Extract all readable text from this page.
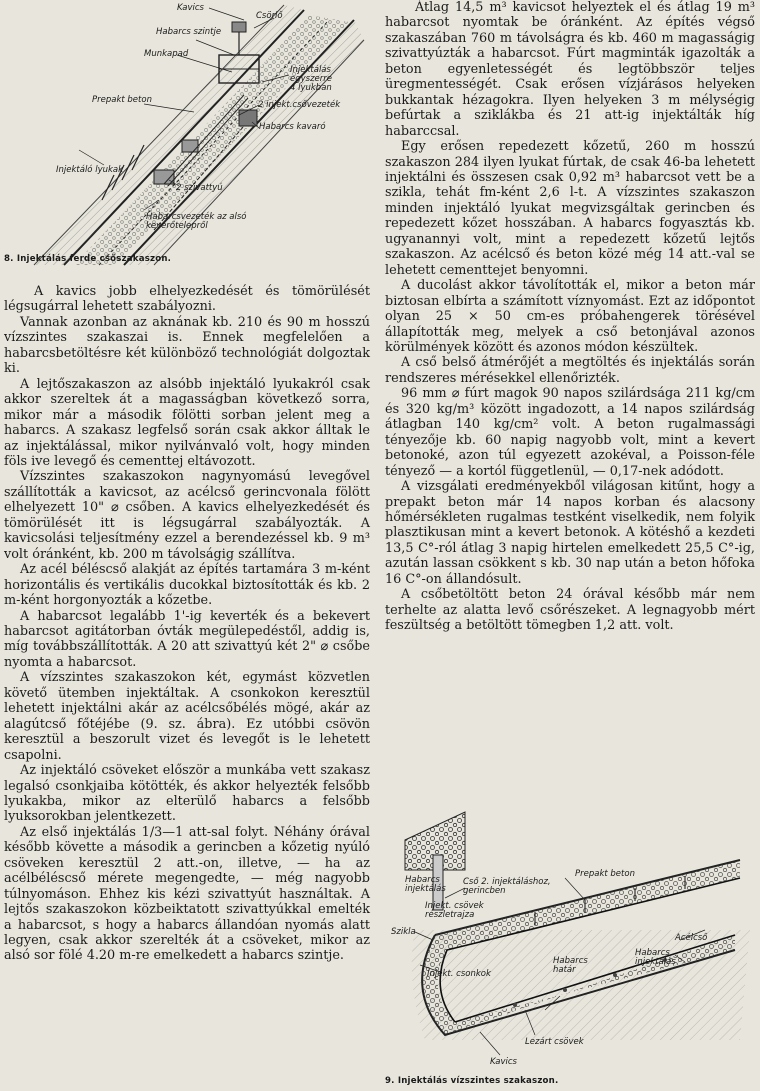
Kavics
Csörlő
Habarcs szintje
Munkapad
Injektálás
egyszerre
4 lyukban
Prepakt beton	2 injekt.csővezeték
Habarcs kavaró
Injektáló lyukak
2 szivattyú
Habarcsvezeték az alsó
keverőtelepről
8. Injektálás ferde csőszakaszon.

A kavics jobb elhelyezkedését és tömörülését légsugárral lehetett szabályozni.

Vannak azonban az aknának kb. 210 és 90 m hosszú vízszintes szakaszai is. Ennek megfelelően a habarcsbetöltésre két különböző technológiát dolgoztak ki.

A lejtőszakaszon az alsóbb injektáló lyukakról csak akkor szereltek át a magasságban következő sorra, mikor már a második fölötti sorban jelent meg a habarcs. A szakasz legfelső során csak akkor álltak le az injektálással, mikor nyilvánvaló volt, hogy minden föls ive levegő és cementtej eltávozott.

Vízszintes szakaszokon nagynyomású levegővel szállították a kavicsot, az acélcső gerincvonala fölött elhelyezett 10" ⌀ csőben. A kavics elhelyezkedését és tömörülését itt is légsugárral szabályozták. A kavicsolási teljesítmény ezzel a berendezéssel kb. 9 m³ volt óránként, kb. 200 m távolságig szállítva.

Az acél béléscső alakját az építés tartamára 3 m-ként horizontális és vertikális ducokkal biztosították és kb. 2 m-ként horgonyozták a kőzetbe.

A habarcsot legalább 1'-ig keverték és a bekevert habarcsot agitátorban óvták megülepedéstől, addig is, míg továbbszállították. A 20 att szivattyú két 2" ⌀ csőbe nyomta a habarcsot.

A vízszintes szakaszokon két, egymást közvetlen követő ütemben injektáltak. A csonkokon keresztül lehetett injektálni akár az acélcsőbélés mögé, akár az alagútcső főtéjébe (9. sz. ábra). Ez utóbbi csövön keresztül a beszorult vizet és levegőt is le lehetett csapolni.

Az injektáló csöveket először a munkába vett szakasz legalsó csonkjaiba kötötték, és akkor helyezték felsőbb lyukakba, mikor az elterülő habarcs a felsőbb lyuksorokban jelentkezett.

Az első injektálás 1/3—1 att-sal folyt. Néhány órával később követte a második a gerincben a kőzetig nyúló csöveken keresztül 2 att.-on, illetve, — ha az acélbéléscső mérete megengedte, — még nagyobb túlnyomáson. Ehhez kis kézi szivattyút használtak. A lejtős szakaszokon közbeiktatott szivattyúkkal emelték a habarcsot, s hogy a habarcs állandóan nyomás alatt legyen, csak akkor szerelték át a csöveket, mikor az alsó sor fölé 4.20 m-re emelkedett a habarcs szintje.

Átlag 14,5 m³ kavicsot helyeztek el és átlag 19 m³ habarcsot nyomtak be óránként. Az építés végső szakaszában 760 m távolságra és kb. 460 m magasságig szivattyúzták a habarcsot. Fúrt magminták igazolták a beton egyenletességét és legtöbbször teljes üregmentességét. Csak erősen vízjárásos helyeken bukkantak hézagokra. Ilyen helyeken 3 m mélységig befúrtak a sziklákba és 21 att-ig injektálták híg habarccsal.

Egy erősen repedezett kőzetű, 260 m hosszú szakaszon 284 ilyen lyukat fúrtak, de csak 46-ba lehetett injektálni és összesen csak 0,92 m³ habarcsot vett be a szikla, tehát fm-ként 2,6 l-t. A vízszintes szakaszon minden injektáló lyukat megvizsgáltak gerincben és repedezett kőzet hosszában. A habarcs fogyasztás kb. ugyanannyi volt, mint a repedezett kőzetű lejtős szakaszon. Az acélcső és beton közé még 14 att.-val se lehetett cementtejet benyomni.

A ducolást akkor távolították el, mikor a beton már biztosan elbírta a számított víznyomást. Ezt az időpontot olyan 25 × 50 cm-es próbahengerek törésével állapították meg, melyek a cső betonjával azonos körülmények között és azonos módon készültek.

A cső belső átmérőjét a megtöltés és injektálás során rendszeres mérésekkel ellenőrizték.

96 mm ⌀ fúrt magok 90 napos szilárdsága 211 kg/cm és 320 kg/m³ között ingadozott, a 14 napos szilárdság átlagban 140 kg/cm² volt. A beton rugalmassági tényezője kb. 60 napig nagyobb volt, mint a kevert betonoké, azon túl egyezett azokéval, a Poisson-féle tényező — a kortól függetlenül, — 0,17-nek adódott.

A vizsgálati eredményekből világosan kitűnt, hogy a prepakt beton már 14 napos korban és alacsony hőmérsékleten rugalmas testként viselkedik, nem folyik plasztikusan mint a kevert betonok. A kötéshő a kezdeti 13,5 C°-ról átlag 3 napig hirtelen emelkedett 25,5 C°-ig, azután lassan csökkent s kb. 30 nap után a beton hőfoka 16 C°-on állandósult.

A csőbetöltött beton 24 órával később már nem terhelte az alatta levő csőrészeket. A legnagyobb mért feszültség a betöltött tömegben 1,2 att. volt.

Habarcs
injektálás
Cső 2. injektáláshoz,
gerincben
Prepakt beton
Injekt. csövek
részletrajza
Szikla
Acélcső
Habarcs
injektálás
Habarcs
határ
Injekt. csonkok
Lezárt csövek
Kavics
9. Injektálás vízszintes szakaszon.
